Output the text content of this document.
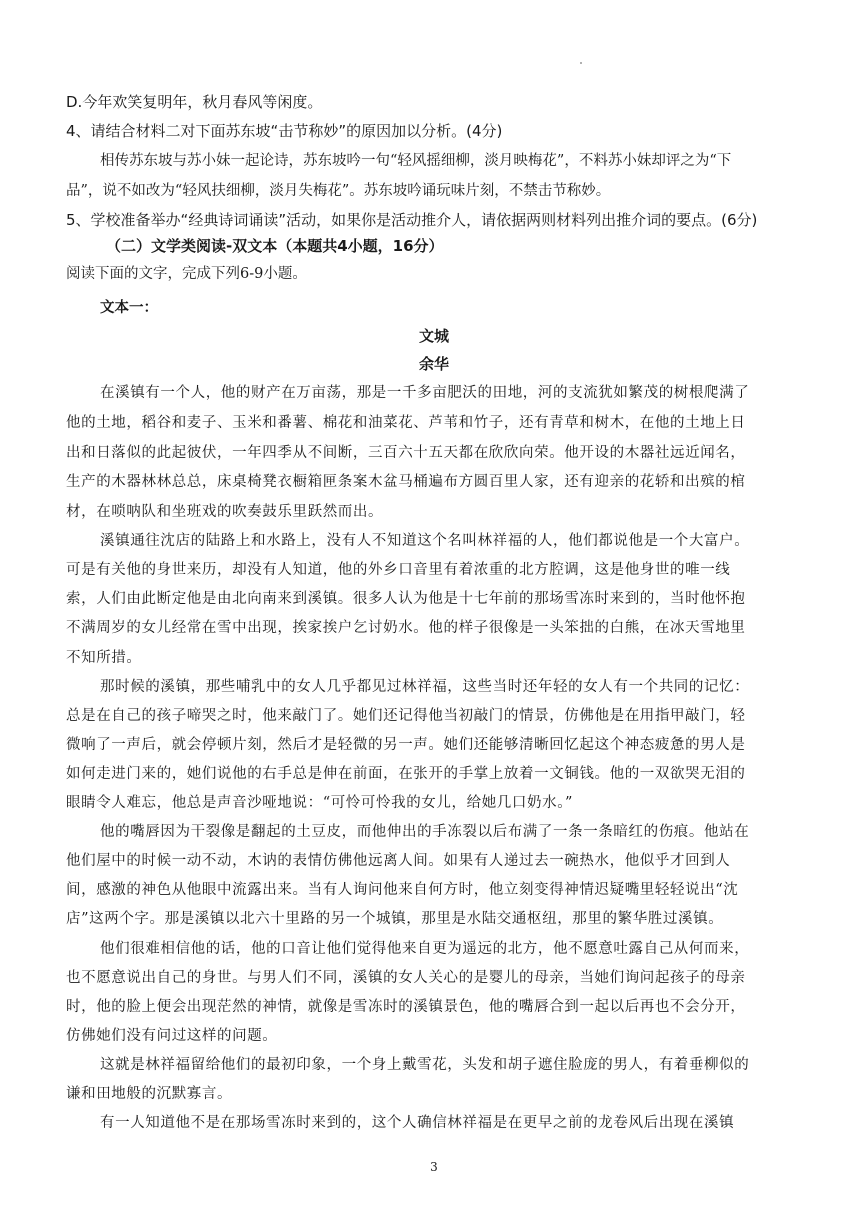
D.今年欢笑复明年，秋月春风等闲度。
4、请结合材料二对下面苏东坡“击节称妙”的原因加以分析。(4分)
相传苏东坡与苏小妹一起论诗，苏东坡吟一句“轻风摇细柳，淡月映梅花”，不料苏小妹却评之为“下
品”，说不如改为“轻风扶细柳，淡月失梅花”。苏东坡吟诵玩味片刻，不禁击节称妙。
5、学校准备举办“经典诗词诵读”活动，如果你是活动推介人，请依据两则材料列出推介词的要点。(6分)
（二）文学类阅读-双文本（本题共4小题，16分）
阅读下面的文字，完成下列6-9小题。
文本一：
文城
余华
在溪镇有一个人，他的财产在万亩荡，那是一千多亩肥沃的田地，河的支流犹如繁茂的树根爬满了
他的土地，稻谷和麦子、玉米和番薯、棉花和油菜花、芦苇和竹子，还有青草和树木，在他的土地上日
出和日落似的此起彼伏，一年四季从不间断，三百六十五天都在欣欣向荣。他开设的木器社远近闻名，
生产的木器林林总总，床桌椅凳衣橱箱匣条案木盆马桶遍布方圆百里人家，还有迎亲的花轿和出殡的棺
材，在唢呐队和坐班戏的吹奏鼓乐里跃然而出。
溪镇通往沈店的陆路上和水路上，没有人不知道这个名叫林祥福的人，他们都说他是一个大富户。
可是有关他的身世来历，却没有人知道，他的外乡口音里有着浓重的北方腔调，这是他身世的唯一线
索，人们由此断定他是由北向南来到溪镇。很多人认为他是十七年前的那场雪冻时来到的，当时他怀抱
不满周岁的女儿经常在雪中出现，挨家挨户乞讨奶水。他的样子很像是一头笨拙的白熊，在冰天雪地里
不知所措。
那时候的溪镇，那些哺乳中的女人几乎都见过林祥福，这些当时还年轻的女人有一个共同的记忆：
总是在自己的孩子啼哭之时，他来敲门了。她们还记得他当初敲门的情景，仿佛他是在用指甲敲门，轻
微响了一声后，就会停顿片刻，然后才是轻微的另一声。她们还能够清晰回忆起这个神态疲惫的男人是
如何走进门来的，她们说他的右手总是伸在前面，在张开的手掌上放着一文铜钱。他的一双欲哭无泪的
眼睛令人难忘，他总是声音沙哑地说：“可怜可怜我的女儿，给她几口奶水。”
他的嘴唇因为干裂像是翻起的土豆皮，而他伸出的手冻裂以后布满了一条一条暗红的伤痕。他站在
他们屋中的时候一动不动，木讷的表情仿佛他远离人间。如果有人递过去一碗热水，他似乎才回到人
间，感激的神色从他眼中流露出来。当有人询问他来自何方时，他立刻变得神情迟疑嘴里轻轻说出“沈
店”这两个字。那是溪镇以北六十里路的另一个城镇，那里是水陆交通枢纽，那里的繁华胜过溪镇。
他们很难相信他的话，他的口音让他们觉得他来自更为遥远的北方，他不愿意吐露自己从何而来，
也不愿意说出自己的身世。与男人们不同，溪镇的女人关心的是婴儿的母亲，当她们询问起孩子的母亲
时，他的脸上便会出现茫然的神情，就像是雪冻时的溪镇景色，他的嘴唇合到一起以后再也不会分开，
仿佛她们没有问过这样的问题。
这就是林祥福留给他们的最初印象，一个身上戴雪花，头发和胡子遮住脸庞的男人，有着垂柳似的
谦和田地般的沉默寡言。
有一人知道他不是在那场雪冻时来到的，这个人确信林祥福是在更早之前的龙卷风后出现在溪镇
3
